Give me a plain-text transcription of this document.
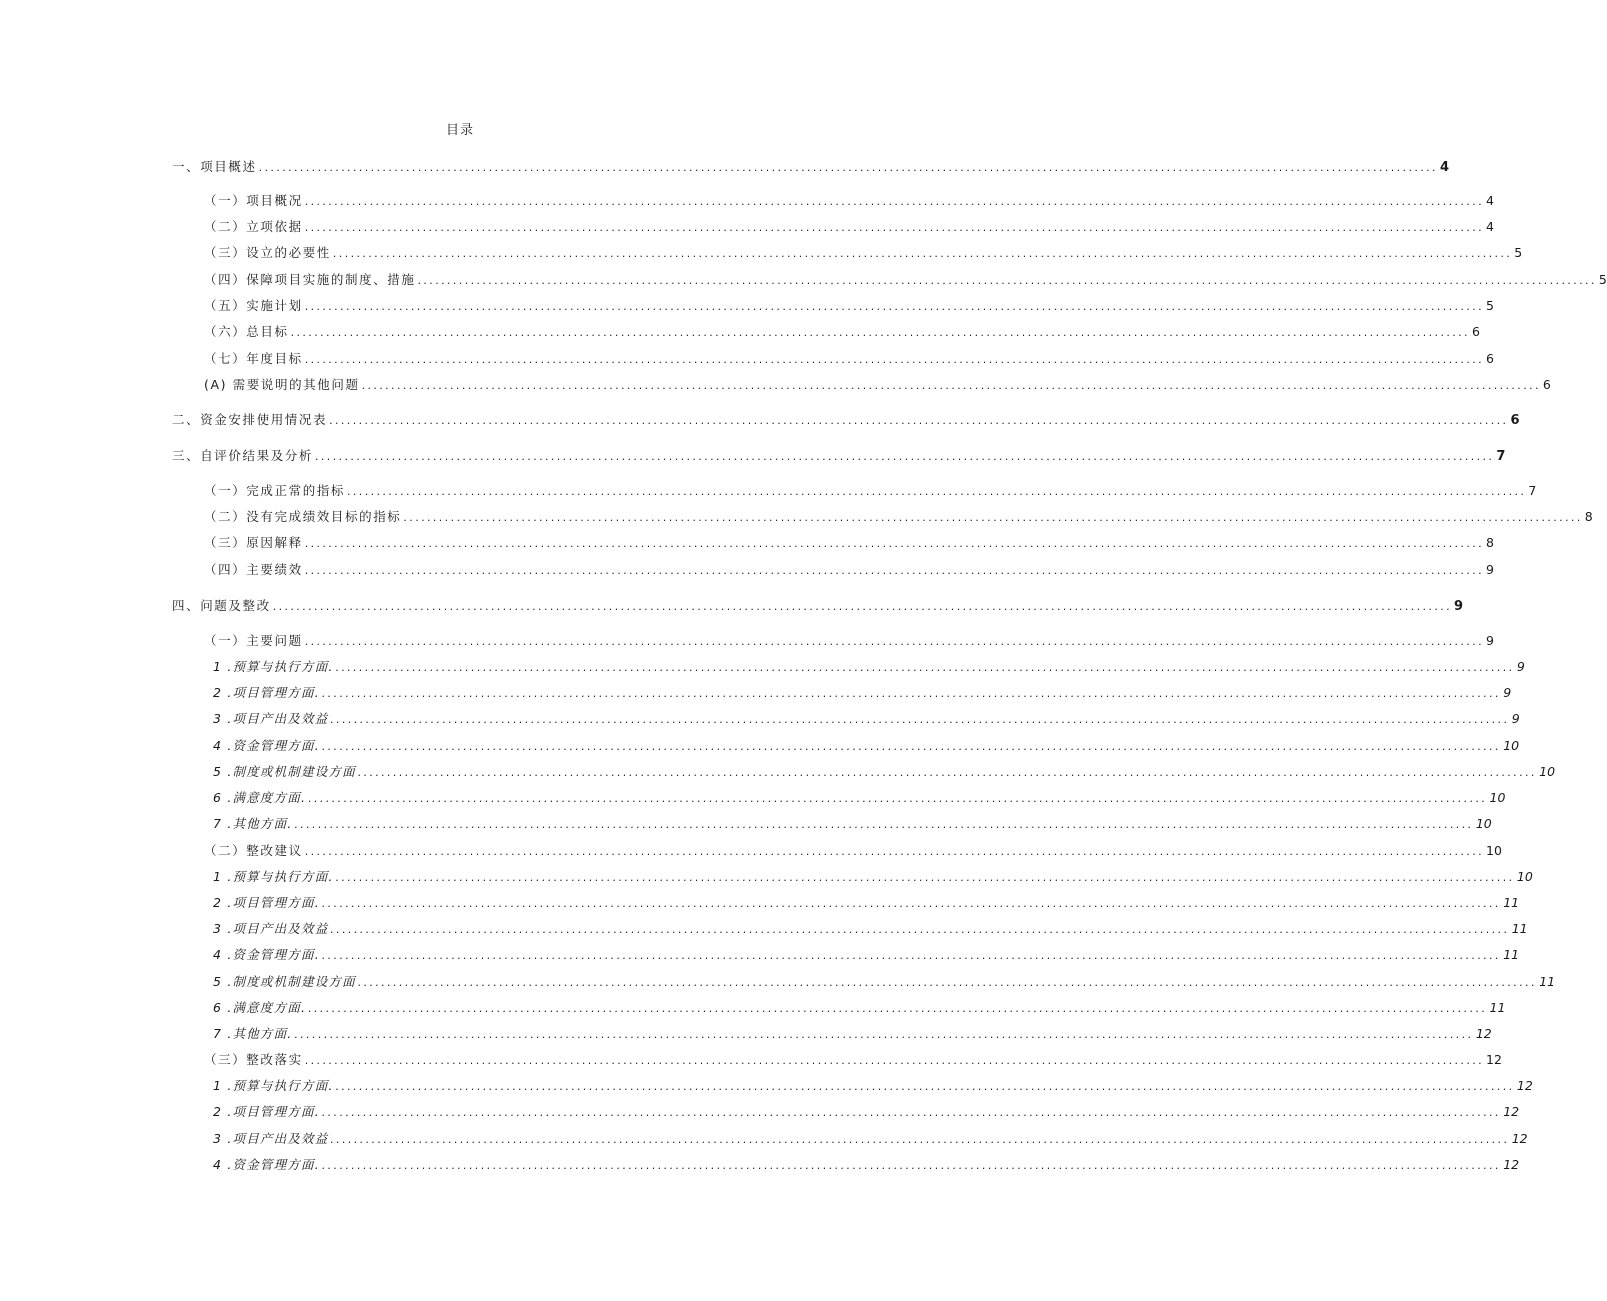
目录
一、项目概述 ........................................................................................................................................................................................................ 4
（一）项目概况 ........................................................................................................................................................................................................ 4
（二）立项依据 ........................................................................................................................................................................................................ 4
（三）设立的必要性 ........................................................................................................................................................................................................ 5
（四）保障项目实施的制度、措施 ........................................................................................................................................................................................................ 5
（五）实施计划 ........................................................................................................................................................................................................ 5
（六）总目标 ........................................................................................................................................................................................................ 6
（七）年度目标 ........................................................................................................................................................................................................ 6
(A) 需要说明的其他问题 ........................................................................................................................................................................................................ 6
二、资金安排使用情况表 ........................................................................................................................................................................................................ 6
三、自评价结果及分析 ........................................................................................................................................................................................................ 7
（一）完成正常的指标 ........................................................................................................................................................................................................ 7
（二）没有完成绩效目标的指标 ........................................................................................................................................................................................................ 8
（三）原因解释 ........................................................................................................................................................................................................ 8
（四）主要绩效 ........................................................................................................................................................................................................ 9
四、问题及整改 ........................................................................................................................................................................................................ 9
（一）主要问题 ........................................................................................................................................................................................................ 9
1 .预算与执行方面. ........................................................................................................................................................................................................ 9
2 .项目管理方面. ........................................................................................................................................................................................................ 9
3 .项目产出及效益 ........................................................................................................................................................................................................ 9
4 .资金管理方面. ........................................................................................................................................................................................................ 10
5 .制度或机制建设方面 ........................................................................................................................................................................................................ 10
6 .满意度方面. ........................................................................................................................................................................................................ 10
7 .其他方面. ........................................................................................................................................................................................................ 10
（二）整改建议 ........................................................................................................................................................................................................ 10
1 .预算与执行方面. ........................................................................................................................................................................................................ 10
2 .项目管理方面. ........................................................................................................................................................................................................ 11
3 .项目产出及效益 ........................................................................................................................................................................................................ 11
4 .资金管理方面. ........................................................................................................................................................................................................ 11
5 .制度或机制建设方面 ........................................................................................................................................................................................................ 11
6 .满意度方面. ........................................................................................................................................................................................................ 11
7 .其他方面. ........................................................................................................................................................................................................ 12
（三）整改落实 ........................................................................................................................................................................................................ 12
1 .预算与执行方面. ........................................................................................................................................................................................................ 12
2 .项目管理方面. ........................................................................................................................................................................................................ 12
3 .项目产出及效益 ........................................................................................................................................................................................................ 12
4 .资金管理方面. ........................................................................................................................................................................................................ 12
